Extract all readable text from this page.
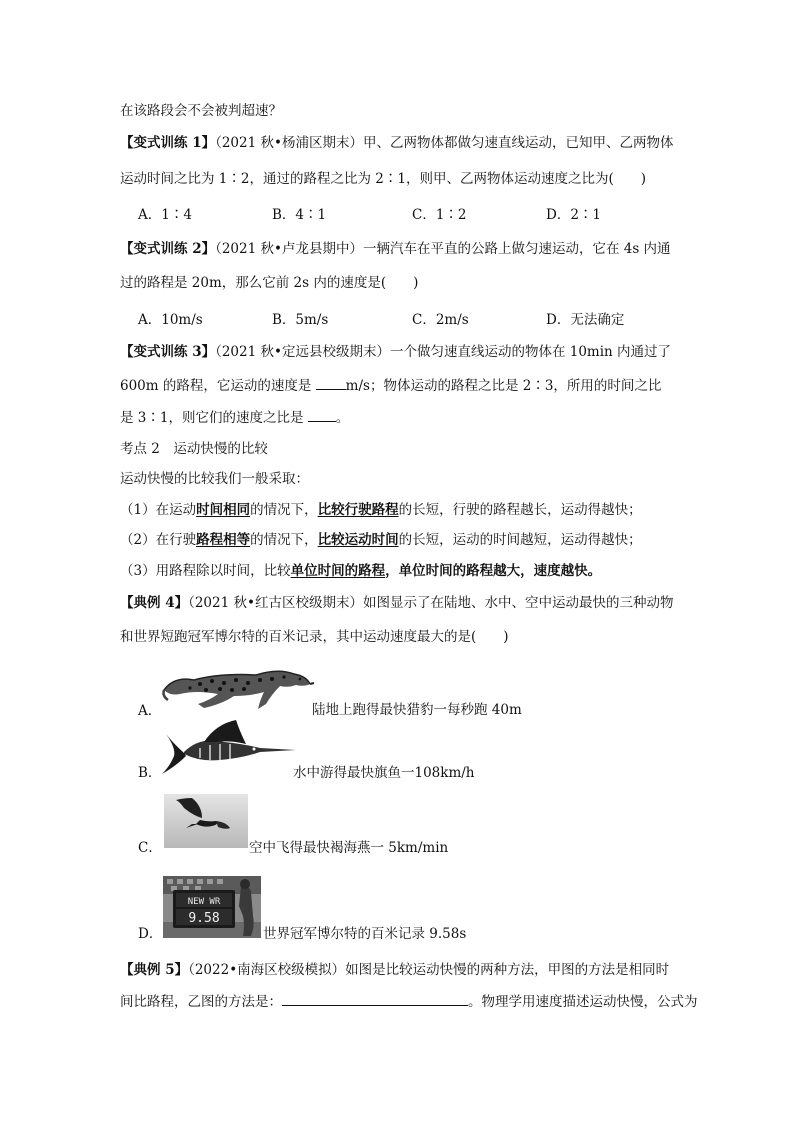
在该路段会不会被判超速？
【变式训练 1】（2021 秋•杨浦区期末）甲、乙两物体都做匀速直线运动，已知甲、乙两物体
运动时间之比为 1∶2，通过的路程之比为 2∶1，则甲、乙两物体运动速度之比为(　　)
A．1∶4	B．4∶1	C．1∶2	D．2∶1
【变式训练 2】（2021 秋•卢龙县期中）一辆汽车在平直的公路上做匀速运动，它在 4s 内通
过的路程是 20m，那么它前 2s 内的速度是(　　)
A．10m/s	B．5m/s	C．2m/s	D．无法确定
【变式训练 3】（2021 秋•定远县校级期末）一个做匀速直线运动的物体在 10min 内通过了
600m 的路程，它运动的速度是	m/s；物体运动的路程之比是 2∶3，所用的时间之比
是 3∶1，则它们的速度之比是 。
考点 2　运动快慢的比较
运动快慢的比较我们一般采取：
（1）在运动时间相同的情况下，比较行驶路程的长短，行驶的路程越长，运动得越快；
（2）在行驶路程相等的情况下，比较运动时间的长短，运动的时间越短，运动得越快；
（3）用路程除以时间，比较单位时间的路程，单位时间的路程越大，速度越快。
【典例 4】（2021 秋•红古区校级期末）如图显示了在陆地、水中、空中运动最快的三种动物
和世界短跑冠军博尔特的百米记录，其中运动速度最大的是(　　)
A．	陆地上跑得最快猎豹一每秒跑 40m
B．	水中游得最快旗鱼一108km/h
C．	空中飞得最快褐海燕一 5km/min
D．
NEW WR
9.58
世界冠军博尔特的百米记录 9.58s
【典例 5】（2022•南海区校级模拟）如图是比较运动快慢的两种方法，甲图的方法是相同时
间比路程，乙图的方法是：	。物理学用速度描述运动快慢，公式为
